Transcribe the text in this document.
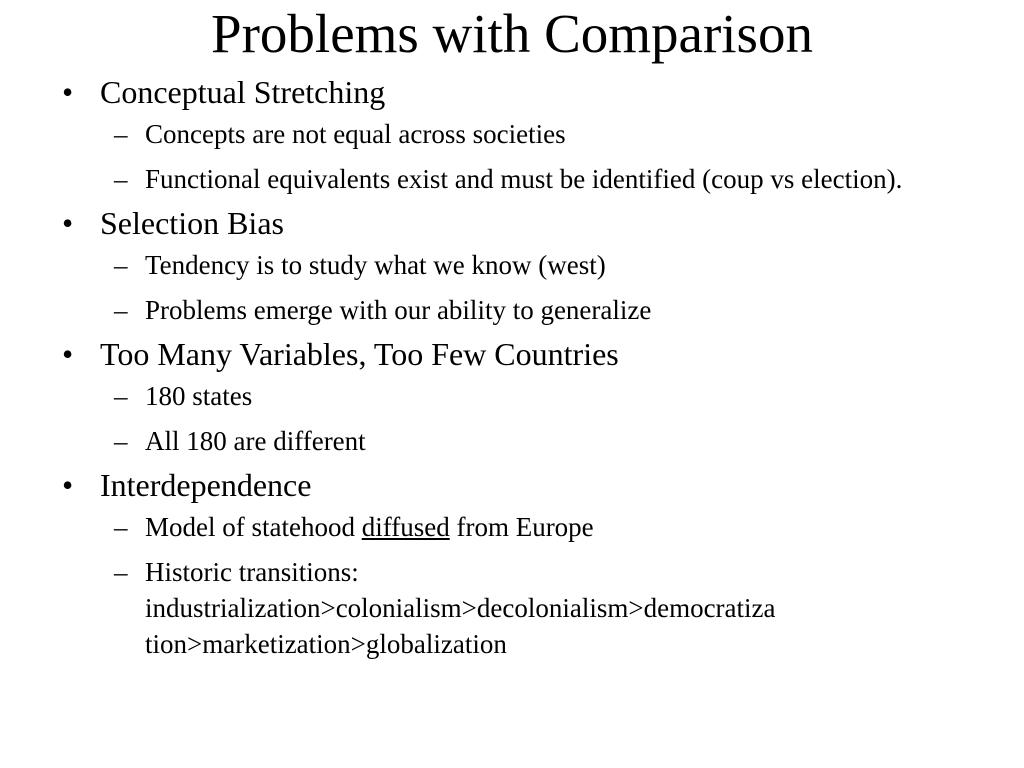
Problems with Comparison
• Conceptual Stretching
– Concepts are not equal across societies
– Functional equivalents exist and must be identified (coup vs election).
• Selection Bias
– Tendency is to study what we know (west)
– Problems emerge with our ability to generalize
• Too Many Variables, Too Few Countries
– 180 states
– All 180 are different
• Interdependence
– Model of statehood diffused from Europe
– Historic transitions:
industrialization>colonialism>decolonialism>democratiza
tion>marketization>globalization
